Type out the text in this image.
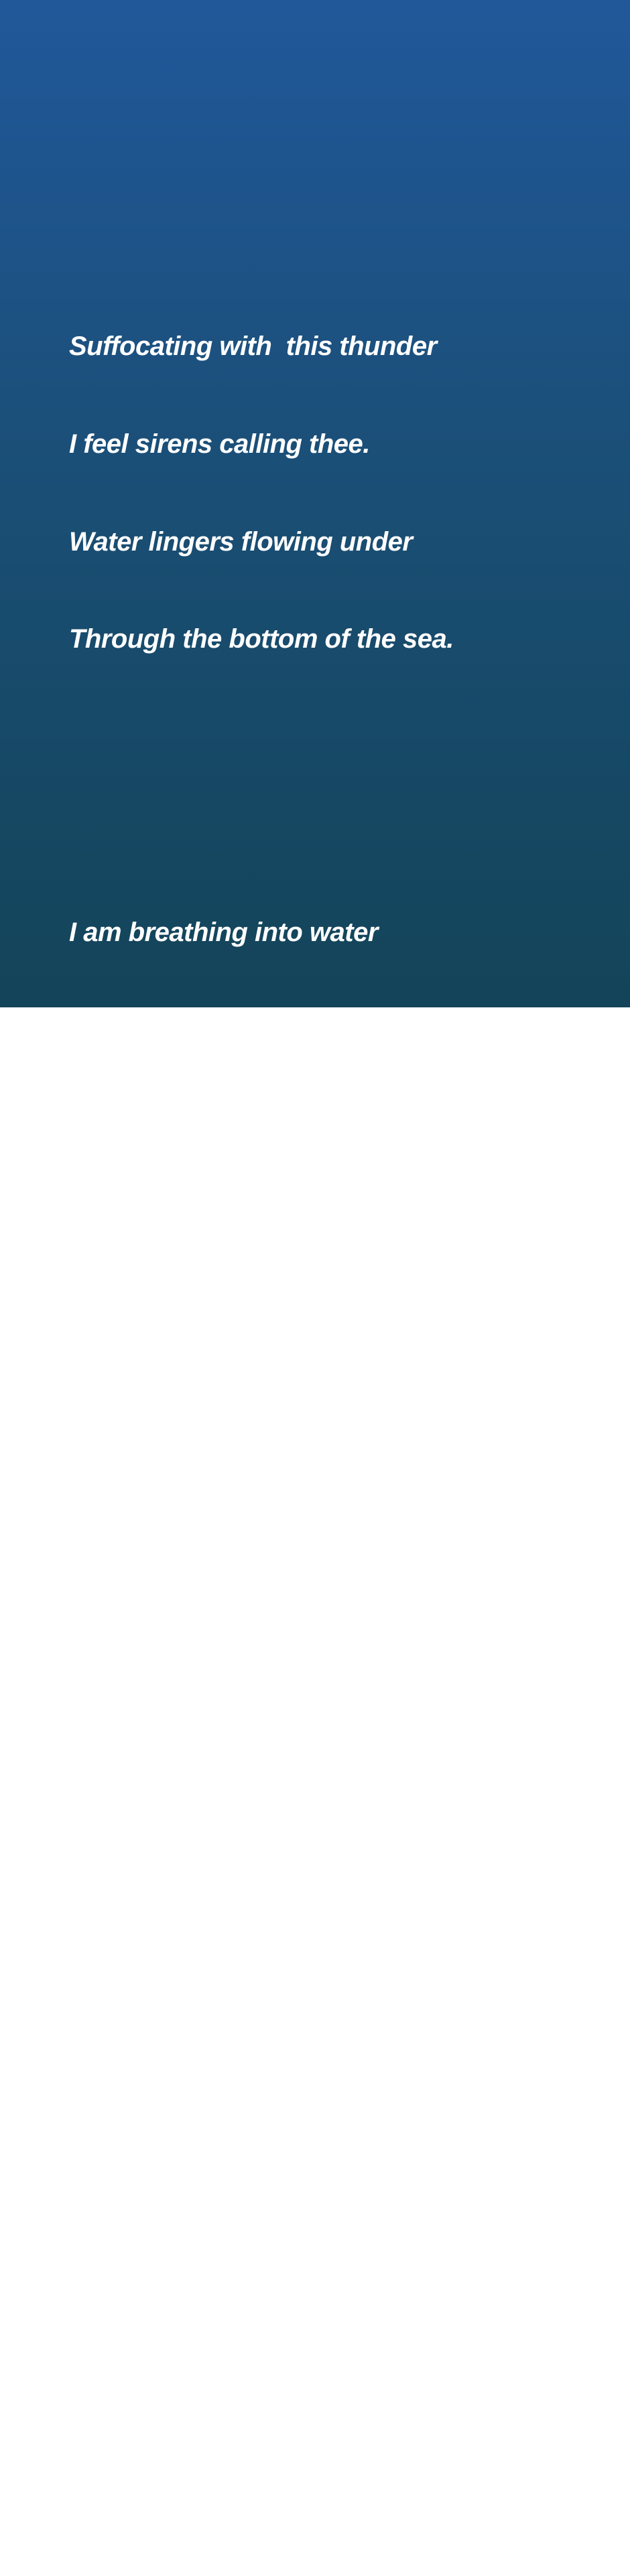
Suffocating with  this thunder

I feel sirens calling thee.

Water lingers flowing under

Through the bottom of the sea.

I am breathing into water

I am fuddled with the sea

I am sinking like an anchor

I am laying  underneath

My last breath.

See my death .

Take me, depth.

Die!

Drown in vain.

Can't sustain.

Please remain.

Cry!
